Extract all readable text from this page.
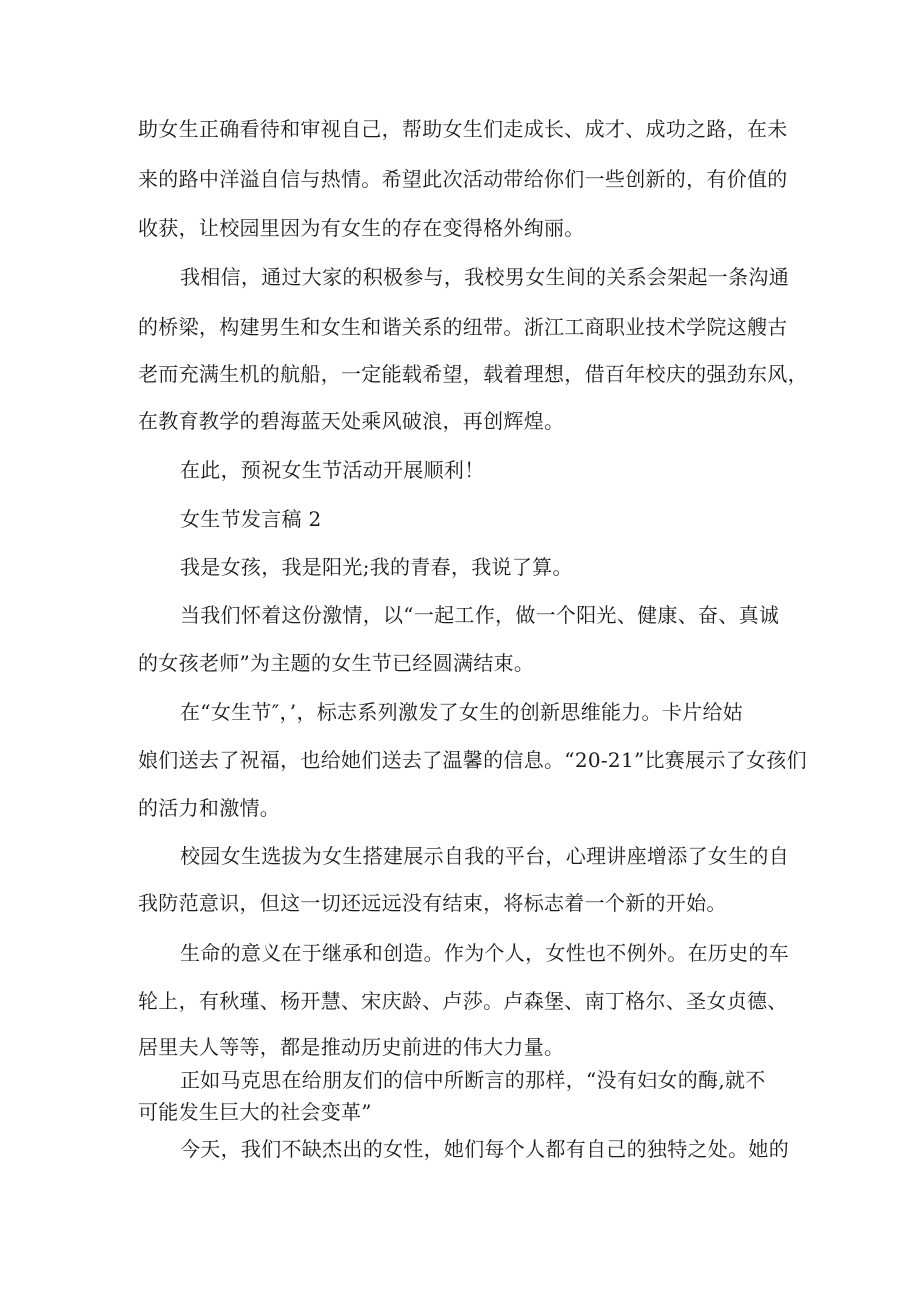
助女生正确看待和审视自己，帮助女生们走成长、成才、成功之路，在未
来的路中洋溢自信与热情。希望此次活动带给你们一些创新的，有价值的
收获，让校园里因为有女生的存在变得格外绚丽。
我相信，通过大家的积极参与，我校男女生间的关系会架起一条沟通
的桥梁，构建男生和女生和谐关系的纽带。浙江工商职业技术学院这艘古
老而充满生机的航船，一定能载希望，载着理想，借百年校庆的强劲东风，
在教育教学的碧海蓝天处乘风破浪，再创辉煌。
在此，预祝女生节活动开展顺利！
女生节发言稿 2
我是女孩，我是阳光;我的青春，我说了算。
当我们怀着这份激情，以“一起工作，做一个阳光、健康、奋、真诚
的女孩老师”为主题的女生节已经圆满结束。
在“女生节″，’，标志系列激发了女生的创新思维能力。卡片给姑
娘们送去了祝福，也给她们送去了温馨的信息。“20-21”比赛展示了女孩们
的活力和激情。
校园女生选拔为女生搭建展示自我的平台，心理讲座增添了女生的自
我防范意识，但这一切还远远没有结束，将标志着一个新的开始。
生命的意义在于继承和创造。作为个人，女性也不例外。在历史的车
轮上，有秋瑾、杨开慧、宋庆龄、卢莎。卢森堡、南丁格尔、圣女贞德、
居里夫人等等，都是推动历史前进的伟大力量。
正如马克思在给朋友们的信中所断言的那样，“没有妇女的酶,就不
可能发生巨大的社会变革”
今天，我们不缺杰出的女性，她们每个人都有自己的独特之处。她的
